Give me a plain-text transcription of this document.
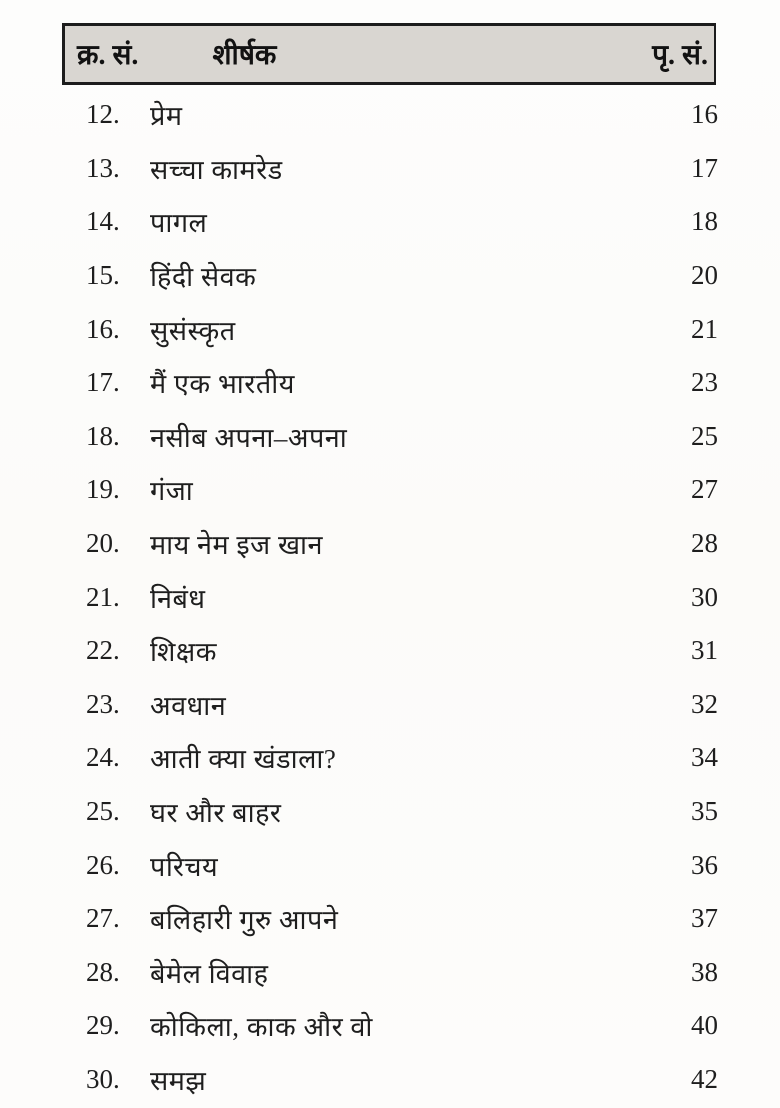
क्र. सं.	शीर्षक	पृ. सं.
12.	प्रेम	16
13.	सच्चा कामरेड	17
14.	पागल	18
15.	हिंदी सेवक	20
16.	सुसंस्कृत	21
17.	मैं एक भारतीय	23
18.	नसीब अपना–अपना	25
19.	गंजा	27
20.	माय नेम इज खान	28
21.	निबंध	30
22.	शिक्षक	31
23.	अवधान	32
24.	आती क्या खंडाला?	34
25.	घर और बाहर	35
26.	परिचय	36
27.	बलिहारी गुरु आपने	37
28.	बेमेल विवाह	38
29.	कोकिला, काक और वो	40
30.	समझ	42
